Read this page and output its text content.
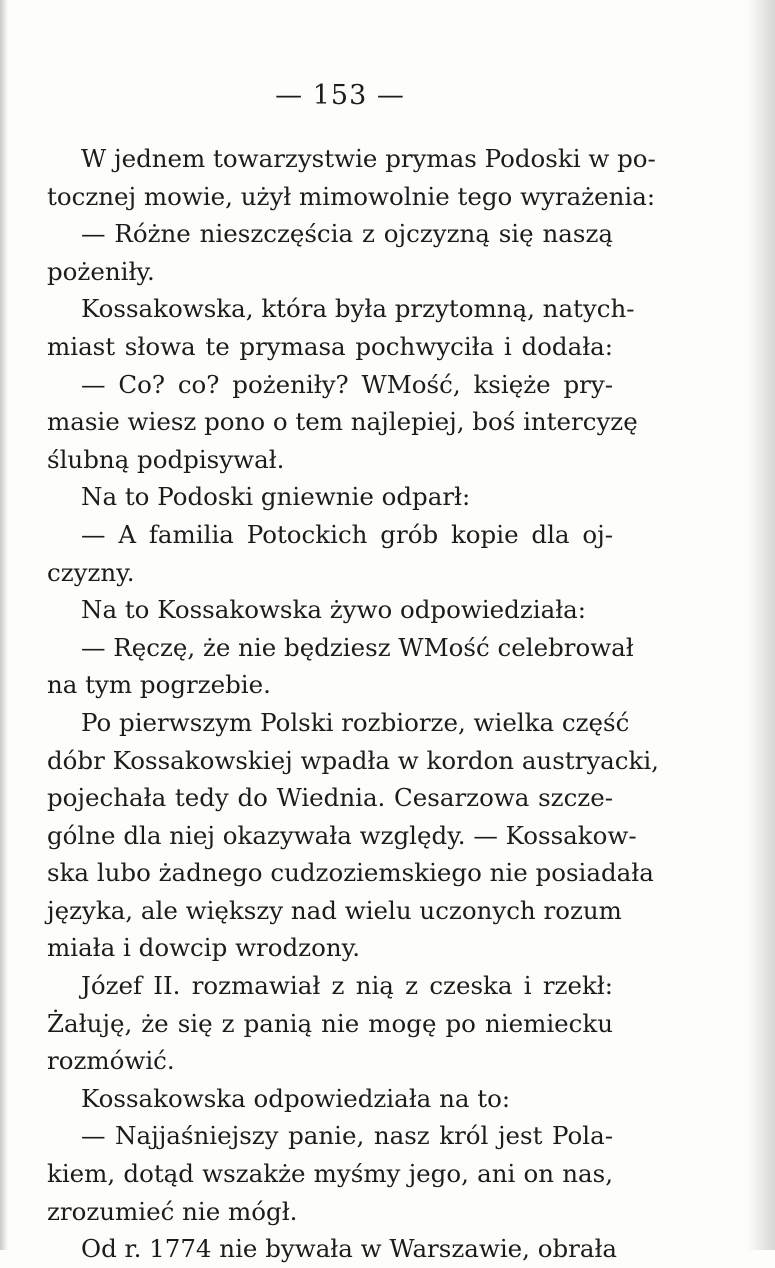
— 153 —
W jednem towarzystwie prymas Podoski w po-
tocznej mowie, użył mimowolnie tego wyrażenia:
— Różne nieszczęścia z ojczyzną się naszą
pożeniły.
Kossakowska, która była przytomną, natych-
miast słowa te prymasa pochwyciła i dodała:
— Co? co? pożeniły? WMość, księże pry-
masie wiesz pono o tem najlepiej, boś intercyzę
ślubną podpisywał.
Na to Podoski gniewnie odparł:
— A familia Potockich grób kopie dla oj-
czyzny.
Na to Kossakowska żywo odpowiedziała:
— Ręczę, że nie będziesz WMość celebrował
na tym pogrzebie.
Po pierwszym Polski rozbiorze, wielka część
dóbr Kossakowskiej wpadła w kordon austryacki,
pojechała tedy do Wiednia. Cesarzowa szcze-
gólne dla niej okazywała względy. — Kossakow-
ska lubo żadnego cudzoziemskiego nie posiadała
języka, ale większy nad wielu uczonych rozum
miała i dowcip wrodzony.
Józef II. rozmawiał z nią z czeska i rzekł:
Żałuję, że się z panią nie mogę po niemiecku
rozmówić.
Kossakowska odpowiedziała na to:
— Najjaśniejszy panie, nasz król jest Pola-
kiem, dotąd wszakże myśmy jego, ani on nas,
zrozumieć nie mógł.
Od r. 1774 nie bywała w Warszawie, obrała
